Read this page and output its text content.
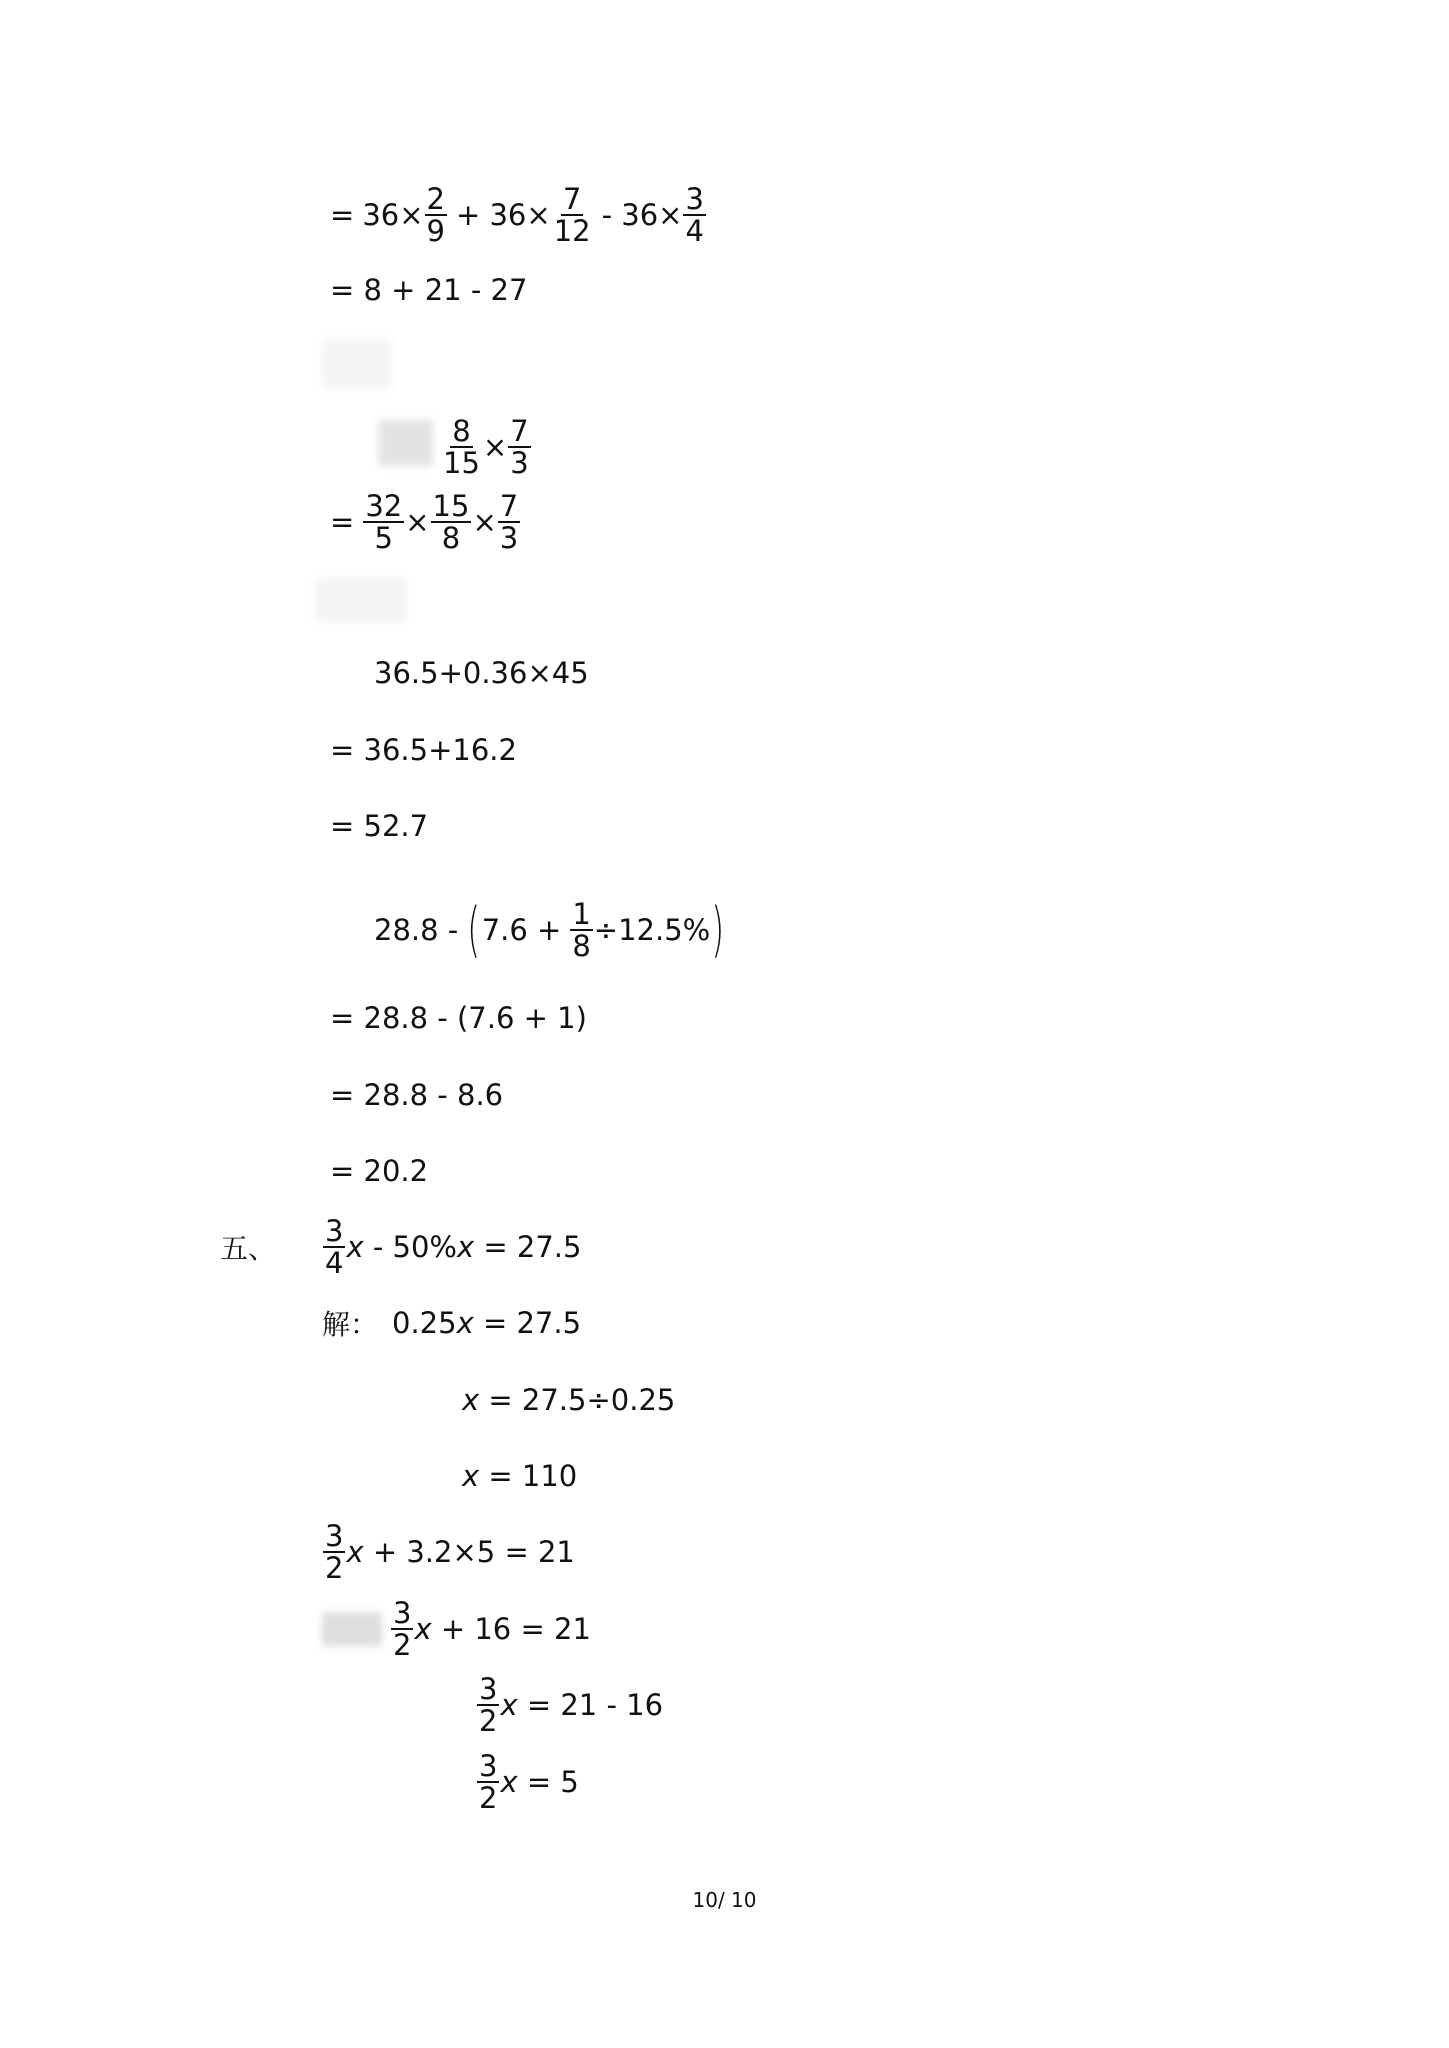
= $36\times \frac{2}{9} + 36\times \frac{7}{12} - 36\times \frac{3}{4}$
= 8 + 21 - 27
$\frac{8}{15} \times \frac{7}{3}$
= $\frac{32}{5} \times \frac{15}{8} \times \frac{7}{3}$
36.5+0.36×45
= 36.5+16.2
= 52.7
28.8 - ( $7.6 + \frac{1}{8} \div 12.5\%$ )
= 28.8 - (7.6 + 1)
= 28.8 - 8.6
= 20.2
五、	$\frac{3}{4}$ x - 50% x = 27.5
解： 0.25 x = 27.5
x = 27.5÷0.25
x = 110
$\frac{3}{2}$ x + 3.2×5 = 21
$\frac{3}{2}$ x + 16 = 21
$\frac{3}{2}$ x = 21 - 16
$\frac{3}{2}$ x = 5
10/ 10
